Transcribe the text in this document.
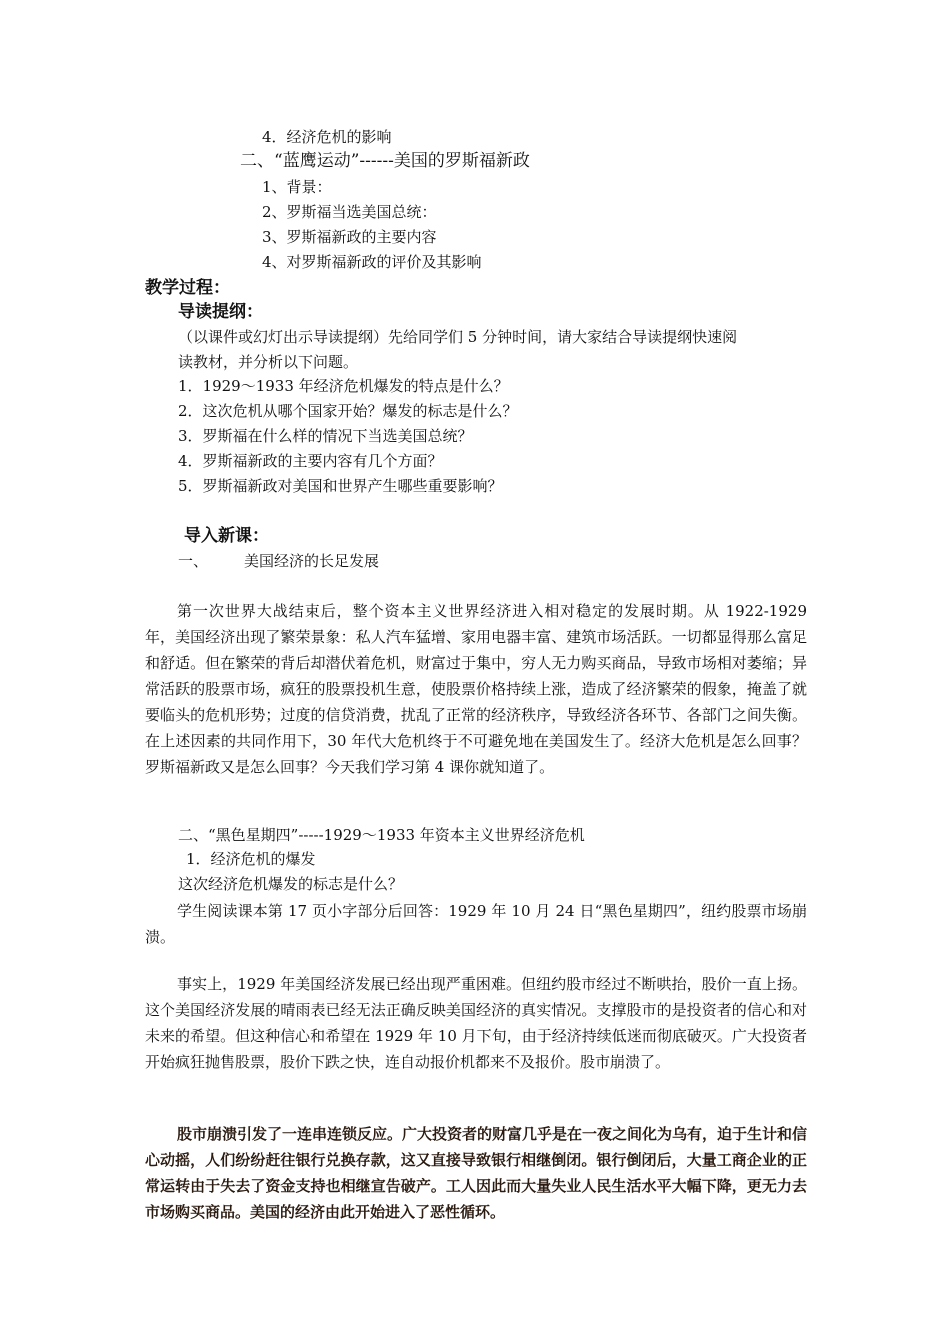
4．经济危机的影响
二、“蓝鹰运动”------美国的罗斯福新政
1、背景：
2、罗斯福当选美国总统：
3、罗斯福新政的主要内容
4、对罗斯福新政的评价及其影响
教学过程：
导读提纲：
（以课件或幻灯出示导读提纲）先给同学们 5 分钟时间，请大家结合导读提纲快速阅
读教材，并分析以下问题。
1．1929～1933 年经济危机爆发的特点是什么？
2．这次危机从哪个国家开始？爆发的标志是什么？
3．罗斯福在什么样的情况下当选美国总统？
4．罗斯福新政的主要内容有几个方面？
5．罗斯福新政对美国和世界产生哪些重要影响？
导入新课：
一、 美国经济的长足发展
第一次世界大战结束后，整个资本主义世界经济进入相对稳定的发展时期。从 1922-1929 年，美国经济出现了繁荣景象：私人汽车猛增、家用电器丰富、建筑市场活跃。一切都显得那么富足和舒适。但在繁荣的背后却潜伏着危机，财富过于集中，穷人无力购买商品，导致市场相对萎缩；异常活跃的股票市场，疯狂的股票投机生意，使股票价格持续上涨，造成了经济繁荣的假象，掩盖了就要临头的危机形势；过度的信贷消费，扰乱了正常的经济秩序，导致经济各环节、各部门之间失衡。在上述因素的共同作用下，30 年代大危机终于不可避免地在美国发生了。经济大危机是怎么回事？罗斯福新政又是怎么回事？今天我们学习第 4 课你就知道了。
二、“黑色星期四”-----1929～1933 年资本主义世界经济危机
1．经济危机的爆发
这次经济危机爆发的标志是什么？
学生阅读课本第 17 页小字部分后回答：1929 年 10 月 24 日“黑色星期四”，纽约股票市场崩溃。
事实上，1929 年美国经济发展已经出现严重困难。但纽约股市经过不断哄抬，股价一直上扬。这个美国经济发展的晴雨表已经无法正确反映美国经济的真实情况。支撑股市的是投资者的信心和对未来的希望。但这种信心和希望在 1929 年 10 月下旬，由于经济持续低迷而彻底破灭。广大投资者开始疯狂抛售股票，股价下跌之快，连自动报价机都来不及报价。股市崩溃了。
股市崩溃引发了一连串连锁反应。广大投资者的财富几乎是在一夜之间化为乌有，迫于生计和信心动摇，人们纷纷赶往银行兑换存款，这又直接导致银行相继倒闭。银行倒闭后，大量工商企业的正常运转由于失去了资金支持也相继宣告破产。工人因此而大量失业人民生活水平大幅下降，更无力去市场购买商品。美国的经济由此开始进入了恶性循环。
